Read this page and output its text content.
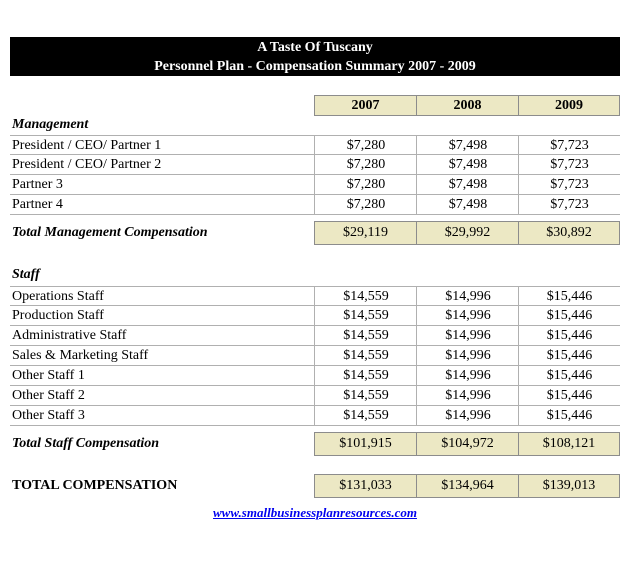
A Taste Of Tuscany
Personnel Plan - Compensation Summary 2007 - 2009
2007	2008	2009
Management
President / CEO/ Partner 1	$7,280	$7,498	$7,723
President / CEO/ Partner 2	$7,280	$7,498	$7,723
Partner 3	$7,280	$7,498	$7,723
Partner 4	$7,280	$7,498	$7,723
Total Management Compensation	$29,119	$29,992	$30,892
Staff
Operations Staff	$14,559	$14,996	$15,446
Production Staff	$14,559	$14,996	$15,446
Administrative Staff	$14,559	$14,996	$15,446
Sales & Marketing Staff	$14,559	$14,996	$15,446
Other Staff 1	$14,559	$14,996	$15,446
Other Staff 2	$14,559	$14,996	$15,446
Other Staff 3	$14,559	$14,996	$15,446
Total Staff Compensation	$101,915	$104,972	$108,121
TOTAL COMPENSATION	$131,033	$134,964	$139,013
www.smallbusinessplanresources.com
